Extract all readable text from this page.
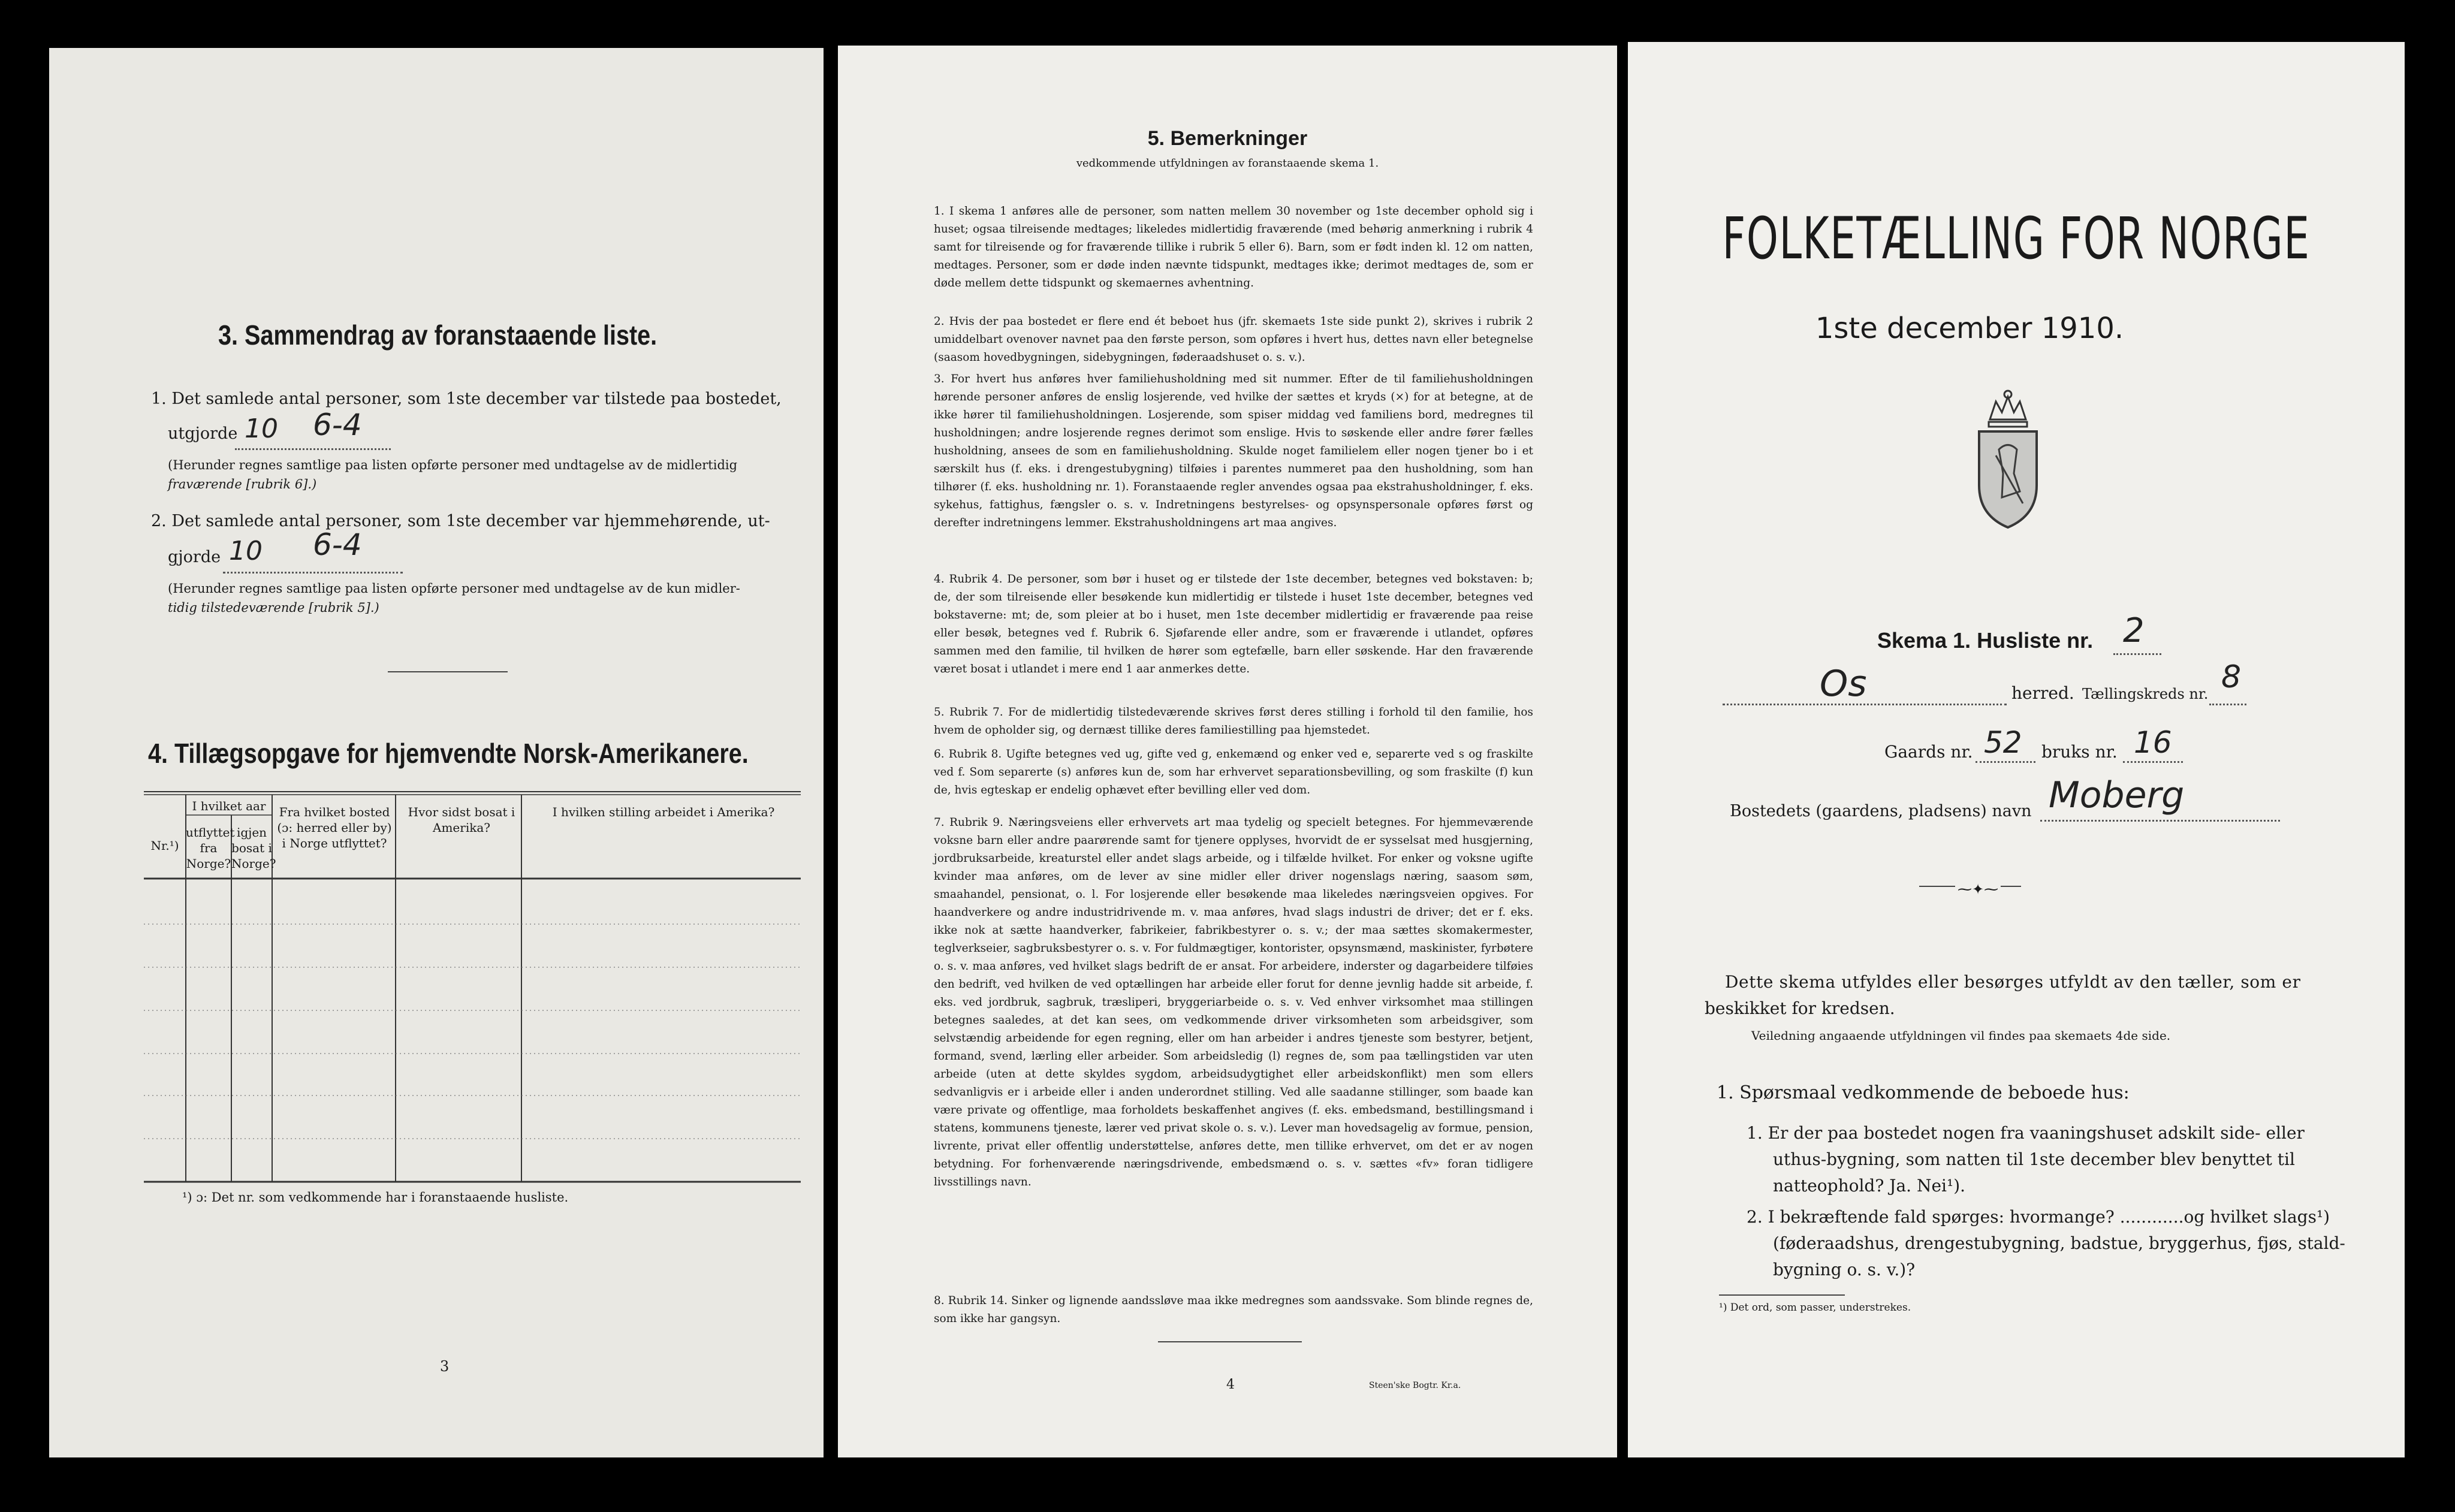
3. Sammendrag av foranstaaende liste.
1. Det samlede antal personer, som 1ste december var tilstede paa bostedet,
utgjorde 10 6-4
(Herunder regnes samtlige paa listen opførte personer med undtagelse av de midlertidig
fraværende [rubrik 6].)
2. Det samlede antal personer, som 1ste december var hjemmehørende, ut-
gjorde 10 6-4
(Herunder regnes samtlige paa listen opførte personer med undtagelse av de kun midler-
tidig tilstedeværende [rubrik 5].)
4. Tillægsopgave for hjemvendte Norsk-Amerikanere.
Nr.¹)
I hvilket aar
utflyttet fra Norge?
igjen bosat i Norge?
Fra hvilket bosted (ɔ: herred eller by) i Norge utflyttet?
Hvor sidst bosat i Amerika?
I hvilken stilling arbeidet i Amerika?
¹) ɔ: Det nr. som vedkommende har i foranstaaende husliste.
3
5. Bemerkninger
vedkommende utfyldningen av foranstaaende skema 1.
1. I skema 1 anføres alle de personer, som natten mellem 30 november og 1ste december ophold sig i huset; ogsaa tilreisende medtages; likeledes midlertidig fraværende (med behørig anmerkning i rubrik 4 samt for tilreisende og for fraværende tillike i rubrik 5 eller 6). Barn, som er født inden kl. 12 om natten, medtages. Personer, som er døde inden nævnte tidspunkt, medtages ikke; derimot medtages de, som er døde mellem dette tidspunkt og skemaernes avhentning.
2. Hvis der paa bostedet er flere end ét beboet hus (jfr. skemaets 1ste side punkt 2), skrives i rubrik 2 umiddelbart ovenover navnet paa den første person, som opføres i hvert hus, dettes navn eller betegnelse (saasom hovedbygningen, sidebygningen, føderaadshuset o. s. v.).
3. For hvert hus anføres hver familiehusholdning med sit nummer. Efter de til familiehusholdningen hørende personer anføres de enslig losjerende, ved hvilke der sættes et kryds (×) for at betegne, at de ikke hører til familiehusholdningen. Losjerende, som spiser middag ved familiens bord, medregnes til husholdningen; andre losjerende regnes derimot som enslige. Hvis to søskende eller andre fører fælles husholdning, ansees de som en familiehusholdning. Skulde noget familielem eller nogen tjener bo i et særskilt hus (f. eks. i drengestubygning) tilføies i parentes nummeret paa den husholdning, som han tilhører (f. eks. husholdning nr. 1). Foranstaaende regler anvendes ogsaa paa ekstrahusholdninger, f. eks. sykehus, fattighus, fængsler o. s. v. Indretningens bestyrelses- og opsynspersonale opføres først og derefter indretningens lemmer. Ekstrahusholdningens art maa angives.
4. Rubrik 4. De personer, som bør i huset og er tilstede der 1ste december, betegnes ved bokstaven: b; de, der som tilreisende eller besøkende kun midlertidig er tilstede i huset 1ste december, betegnes ved bokstaverne: mt; de, som pleier at bo i huset, men 1ste december midlertidig er fraværende paa reise eller besøk, betegnes ved f. Rubrik 6. Sjøfarende eller andre, som er fraværende i utlandet, opføres sammen med den familie, til hvilken de hører som egtefælle, barn eller søskende. Har den fraværende været bosat i utlandet i mere end 1 aar anmerkes dette.
5. Rubrik 7. For de midlertidig tilstedeværende skrives først deres stilling i forhold til den familie, hos hvem de opholder sig, og dernæst tillike deres familiestilling paa hjemstedet.
6. Rubrik 8. Ugifte betegnes ved ug, gifte ved g, enkemænd og enker ved e, separerte ved s og fraskilte ved f. Som separerte (s) anføres kun de, som har erhvervet separationsbevilling, og som fraskilte (f) kun de, hvis egteskap er endelig ophævet efter bevilling eller ved dom.
7. Rubrik 9. Næringsveiens eller erhvervets art maa tydelig og specielt betegnes. For hjemmeværende voksne barn eller andre paarørende samt for tjenere opplyses, hvorvidt de er sysselsat med husgjerning, jordbruksarbeide, kreaturstel eller andet slags arbeide, og i tilfælde hvilket. For enker og voksne ugifte kvinder maa anføres, om de lever av sine midler eller driver nogenslags næring, saasom søm, smaahandel, pensionat, o. l. For losjerende eller besøkende maa likeledes næringsveien opgives. For haandverkere og andre industridrivende m. v. maa anføres, hvad slags industri de driver; det er f. eks. ikke nok at sætte haandverker, fabrikeier, fabrikbestyrer o. s. v.; der maa sættes skomakermester, teglverkseier, sagbruksbestyrer o. s. v. For fuldmægtiger, kontorister, opsynsmænd, maskinister, fyrbøtere o. s. v. maa anføres, ved hvilket slags bedrift de er ansat. For arbeidere, inderster og dagarbeidere tilføies den bedrift, ved hvilken de ved optællingen har arbeide eller forut for denne jevnlig hadde sit arbeide, f. eks. ved jordbruk, sagbruk, træsliperi, bryggeriarbeide o. s. v. Ved enhver virksomhet maa stillingen betegnes saaledes, at det kan sees, om vedkommende driver virksomheten som arbeidsgiver, som selvstændig arbeidende for egen regning, eller om han arbeider i andres tjeneste som bestyrer, betjent, formand, svend, lærling eller arbeider. Som arbeidsledig (l) regnes de, som paa tællingstiden var uten arbeide (uten at dette skyldes sygdom, arbeidsudygtighet eller arbeidskonflikt) men som ellers sedvanligvis er i arbeide eller i anden underordnet stilling. Ved alle saadanne stillinger, som baade kan være private og offentlige, maa forholdets beskaffenhet angives (f. eks. embedsmand, bestillingsmand i statens, kommunens tjeneste, lærer ved privat skole o. s. v.). Lever man hovedsagelig av formue, pension, livrente, privat eller offentlig understøttelse, anføres dette, men tillike erhvervet, om det er av nogen betydning. For forhenværende næringsdrivende, embedsmænd o. s. v. sættes «fv» foran tidligere livsstillings navn.
8. Rubrik 14. Sinker og lignende aandssløve maa ikke medregnes som aandssvake. Som blinde regnes de, som ikke har gangsyn.
4	Steen'ske Bogtr. Kr.a.
FOLKETÆLLING FOR NORGE
1ste december 1910.
Skema 1. Husliste nr. 2
Os	herred. Tællingskreds nr. 8
Gaards nr. 52 bruks nr. 16
Bostedets (gaardens, pladsens) navn Moberg
⁓✦⁓
Dette skema utfyldes eller besørges utfyldt av den tæller, som er
beskikket for kredsen.
Veiledning angaaende utfyldningen vil findes paa skemaets 4de side.
1. Spørsmaal vedkommende de beboede hus:
1. Er der paa bostedet nogen fra vaaningshuset adskilt side- eller
uthus-bygning, som natten til 1ste december blev benyttet til
natteophold? Ja. Nei¹).
2. I bekræftende fald spørges: hvormange? ............og hvilket slags¹)
(føderaadshus, drengestubygning, badstue, bryggerhus, fjøs, stald-
bygning o. s. v.)?
¹) Det ord, som passer, understrekes.
